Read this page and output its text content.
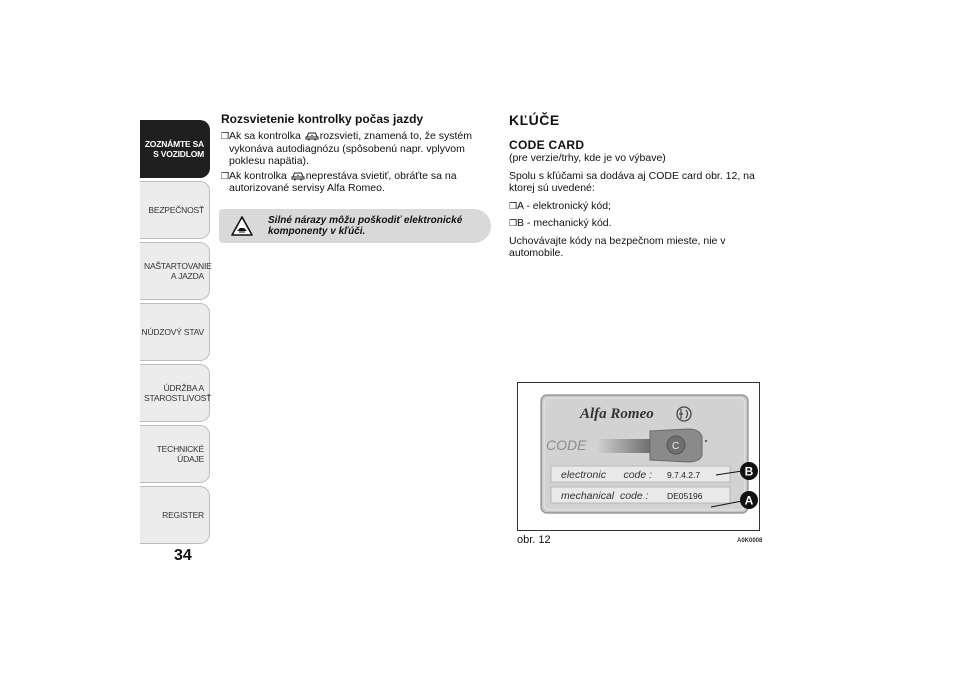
ZOZNÁMTE SA S VOZIDLOM
BEZPEČNOSŤ
NAŠTARTOVANIE A JAZDA
NÚDZOVÝ STAV
ÚDRŽBA A STAROSTLIVOSŤ
TECHNICKÉ ÚDAJE
REGISTER
34
Rozsvietenie kontrolky počas jazdy
❒ Ak sa kontrolka rozsvieti, znamená to, že systém vykonáva autodiagnózu (spôsobenú napr. vplyvom poklesu napätia).
❒ Ak kontrolka neprestáva svietiť, obráťte sa na autorizované servisy Alfa Romeo.
Silné nárazy môžu poškodiť elektronické komponenty v kľúči.
KĽÚČE
CODE CARD
(pre verzie/trhy, kde je vo výbave)
Spolu s kľúčami sa dodáva aj CODE card obr. 12, na ktorej sú uvedené:
❒ A - elektronický kód;
❒ B - mechanický kód.
Uchovávajte kódy na bezpečnom mieste, nie v automobile.
Alfa Romeo
CODE	C
electronic      code : 9.7.4.2.7
mechanical  code : DE05196
B
A
obr. 12	A0K0008
